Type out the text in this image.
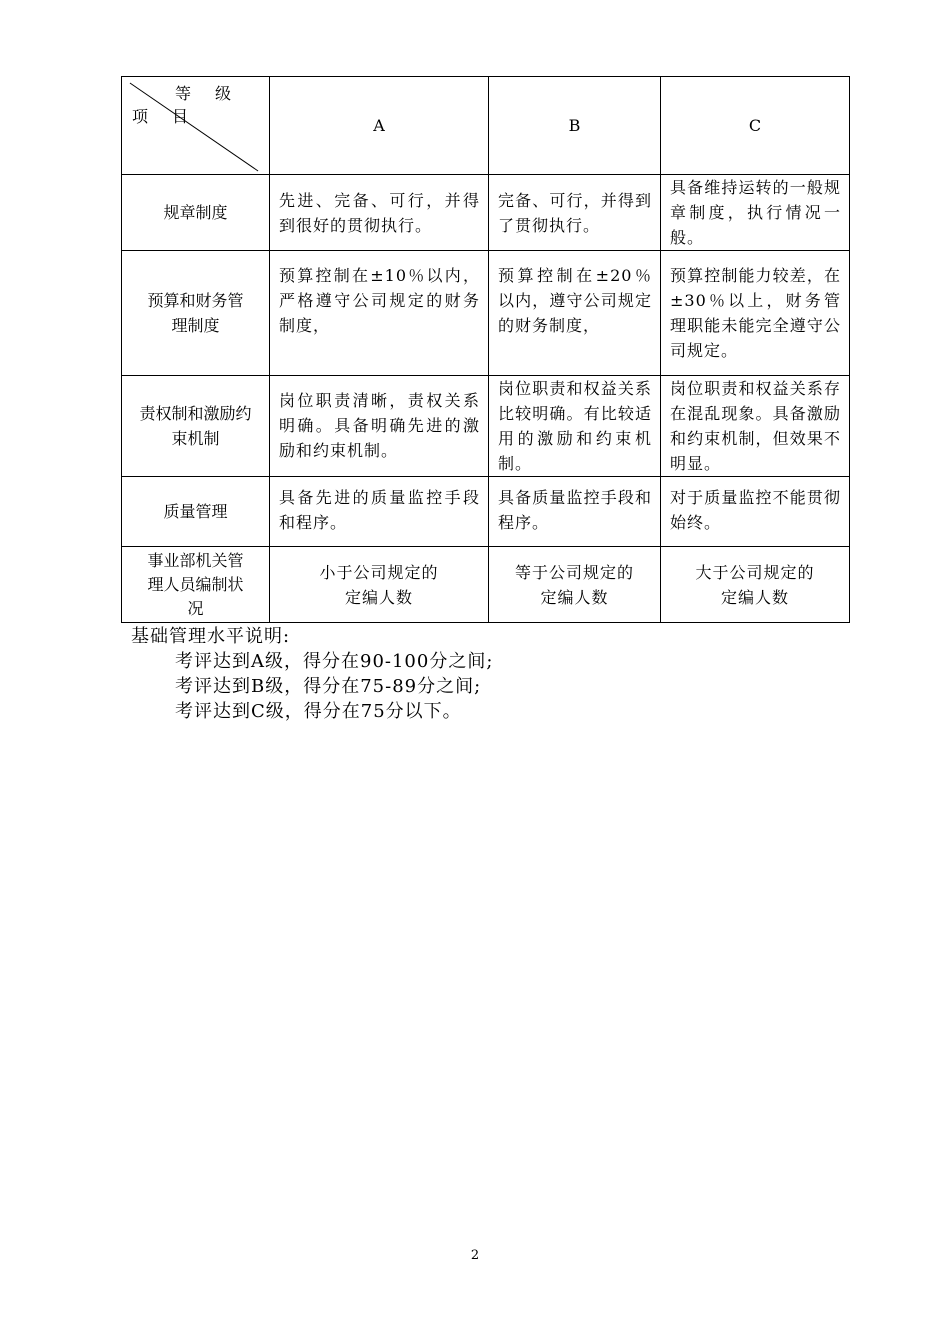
等级
项目	A	B	C
规章制度	先进、完备、可行，并得到很好的贯彻执行。	完备、可行，并得到了贯彻执行。	具备维持运转的一般规章制度，执行情况一般。

预算和财务管理制度	预算控制在±10％以内，严格遵守公司规定的财务制度，	预算控制在±20％以内，遵守公司规定的财务制度，	预算控制能力较差，在±30％以上，财务管理职能未能完全遵守公司规定。

责权制和激励约束机制	岗位职责清晰，责权关系明确。具备明确先进的激励和约束机制。	岗位职责和权益关系比较明确。有比较适用的激励和约束机制。	岗位职责和权益关系存在混乱现象。具备激励和约束机制，但效果不明显。
质量管理	具备先进的质量监控手段和程序。	具备质量监控手段和程序。	对于质量监控不能贯彻始终。

事业部机关管理人员编制状况	小于公司规定的定编人数	等于公司规定的定编人数	大于公司规定的定编人数
基础管理水平说明:
考评达到A级，得分在90-100分之间;
考评达到B级，得分在75-89分之间;
考评达到C级，得分在75分以下。
2
